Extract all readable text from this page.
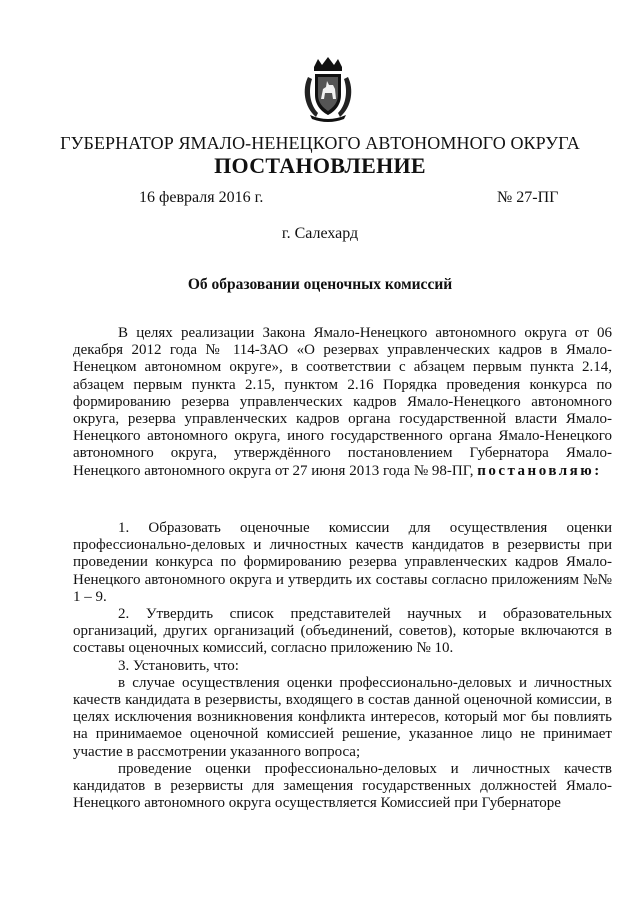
ГУБЕРНАТОР ЯМАЛО-НЕНЕЦКОГО АВТОНОМНОГО ОКРУГА
ПОСТАНОВЛЕНИЕ
16 февраля 2016 г.	№ 27-ПГ
г. Салехард
Об образовании оценочных комиссий

В целях реализации Закона Ямало-Ненецкого автономного округа от 06 декабря 2012 года № 114-ЗАО «О резервах управленческих кадров в Ямало-Ненецком автономном округе», в соответствии с абзацем первым пункта 2.14, абзацем первым пункта 2.15, пунктом 2.16 Порядка проведения конкурса по формированию резерва управленческих кадров Ямало-Ненецкого автономного округа, резерва управленческих кадров органа государственной власти Ямало-Ненецкого автономного округа, иного государственного органа Ямало-Ненецкого автономного округа, утверждённого постановлением Губернатора Ямало-Ненецкого автономного округа от 27 июня 2013 года № 98-ПГ, постановляю:

1. Образовать оценочные комиссии для осуществления оценки профессионально-деловых и личностных качеств кандидатов в резервисты при проведении конкурса по формированию резерва управленческих кадров Ямало-Ненецкого автономного округа и утвердить их составы согласно приложениям №№ 1 – 9.

2. Утвердить список представителей научных и образовательных организаций, других организаций (объединений, советов), которые включаются в составы оценочных комиссий, согласно приложению № 10.

3. Установить, что:

в случае осуществления оценки профессионально-деловых и личностных качеств кандидата в резервисты, входящего в состав данной оценочной комиссии, в целях исключения возникновения конфликта интересов, который мог бы повлиять на принимаемое оценочной комиссией решение, указанное лицо не принимает участие в рассмотрении указанного вопроса;

проведение оценки профессионально-деловых и личностных качеств кандидатов в резервисты для замещения государственных должностей Ямало-Ненецкого автономного округа осуществляется Комиссией при Губернаторе
